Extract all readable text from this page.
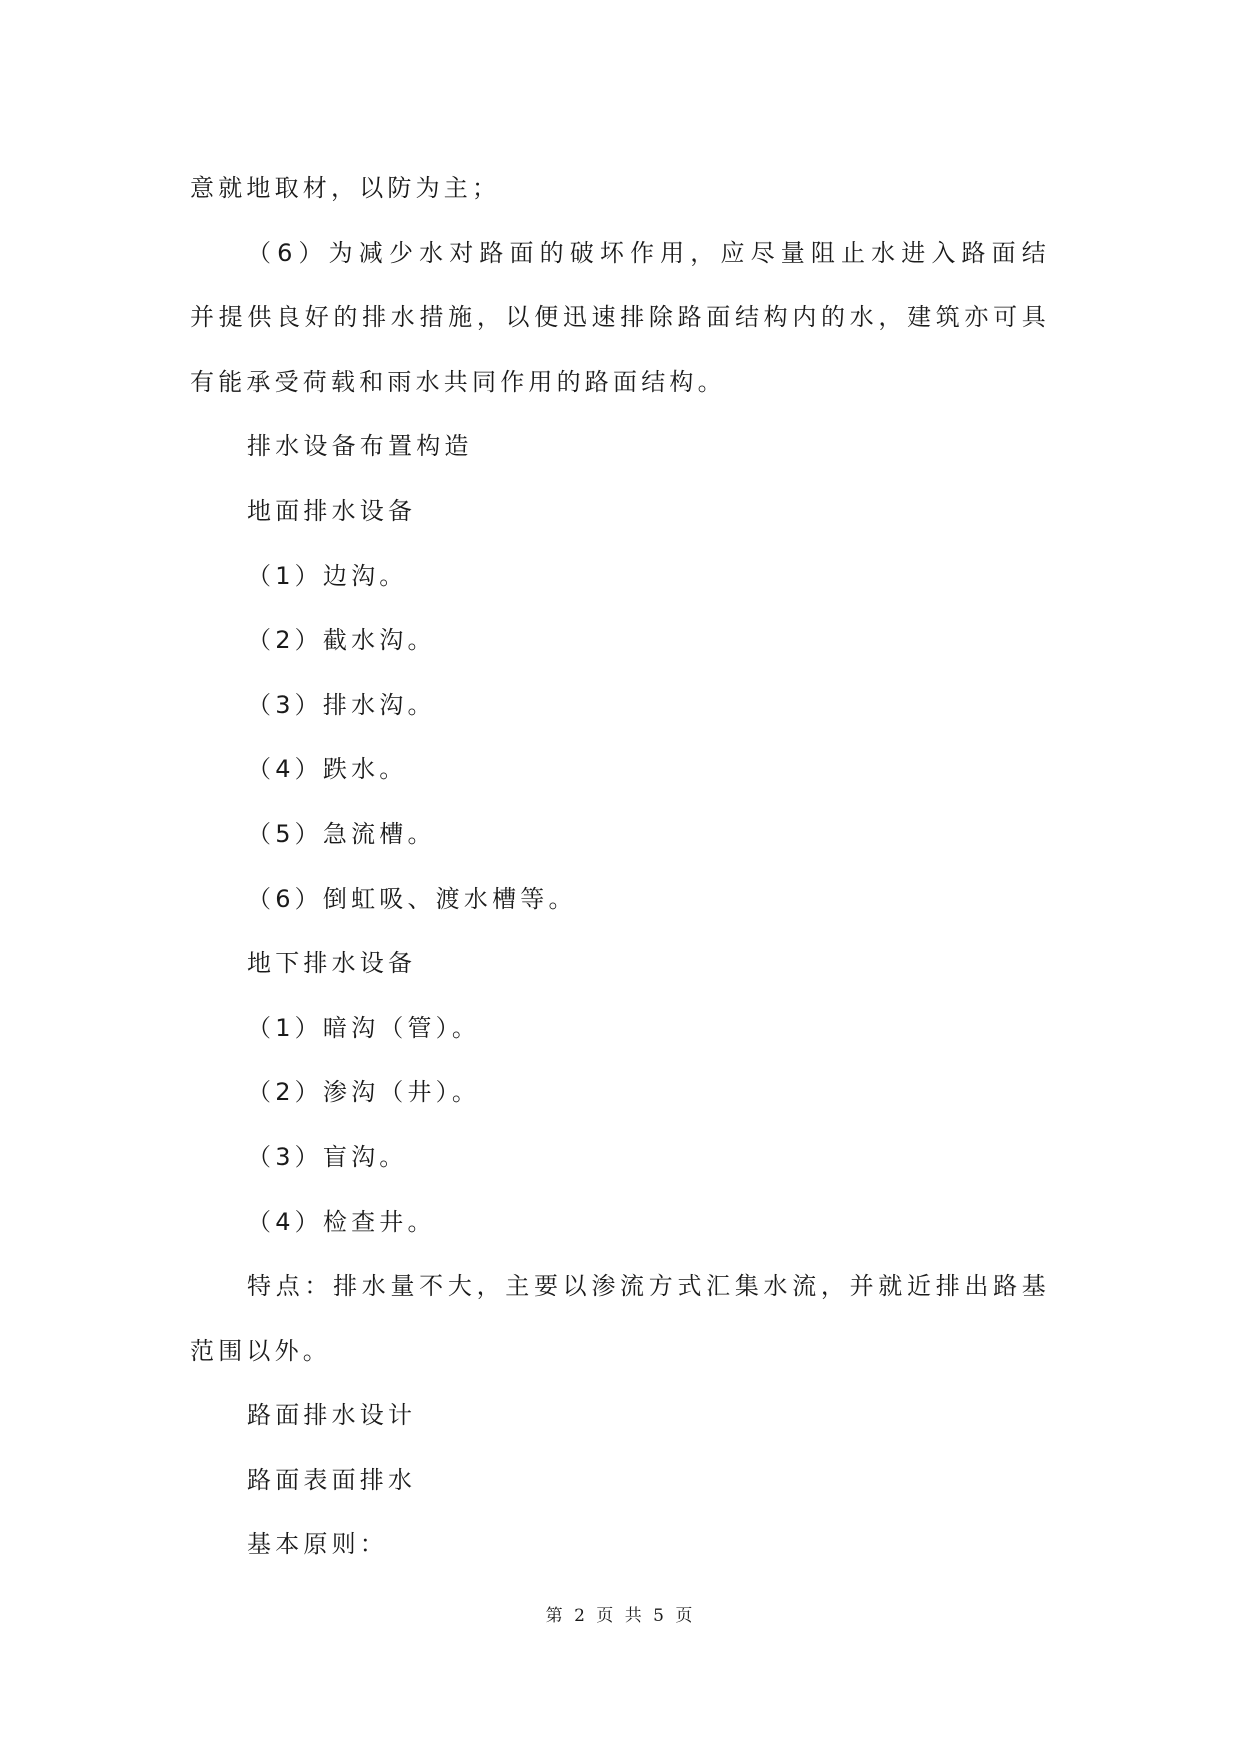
意就地取材，以防为主；
（6）为减少水对路面的破坏作用，应尽量阻止水进入路面结
并提供良好的排水措施，以便迅速排除路面结构内的水，建筑亦可具
有能承受荷载和雨水共同作用的路面结构。
排水设备布置构造
地面排水设备
（1）边沟。
（2）截水沟。
（3）排水沟。
（4）跌水。
（5）急流槽。
（6）倒虹吸、渡水槽等。
地下排水设备
（1）暗沟（管）。
（2）渗沟（井）。
（3）盲沟。
（4）检查井。
特点：排水量不大，主要以渗流方式汇集水流，并就近排出路基
范围以外。
路面排水设计
路面表面排水
基本原则：
第 2 页 共 5 页
